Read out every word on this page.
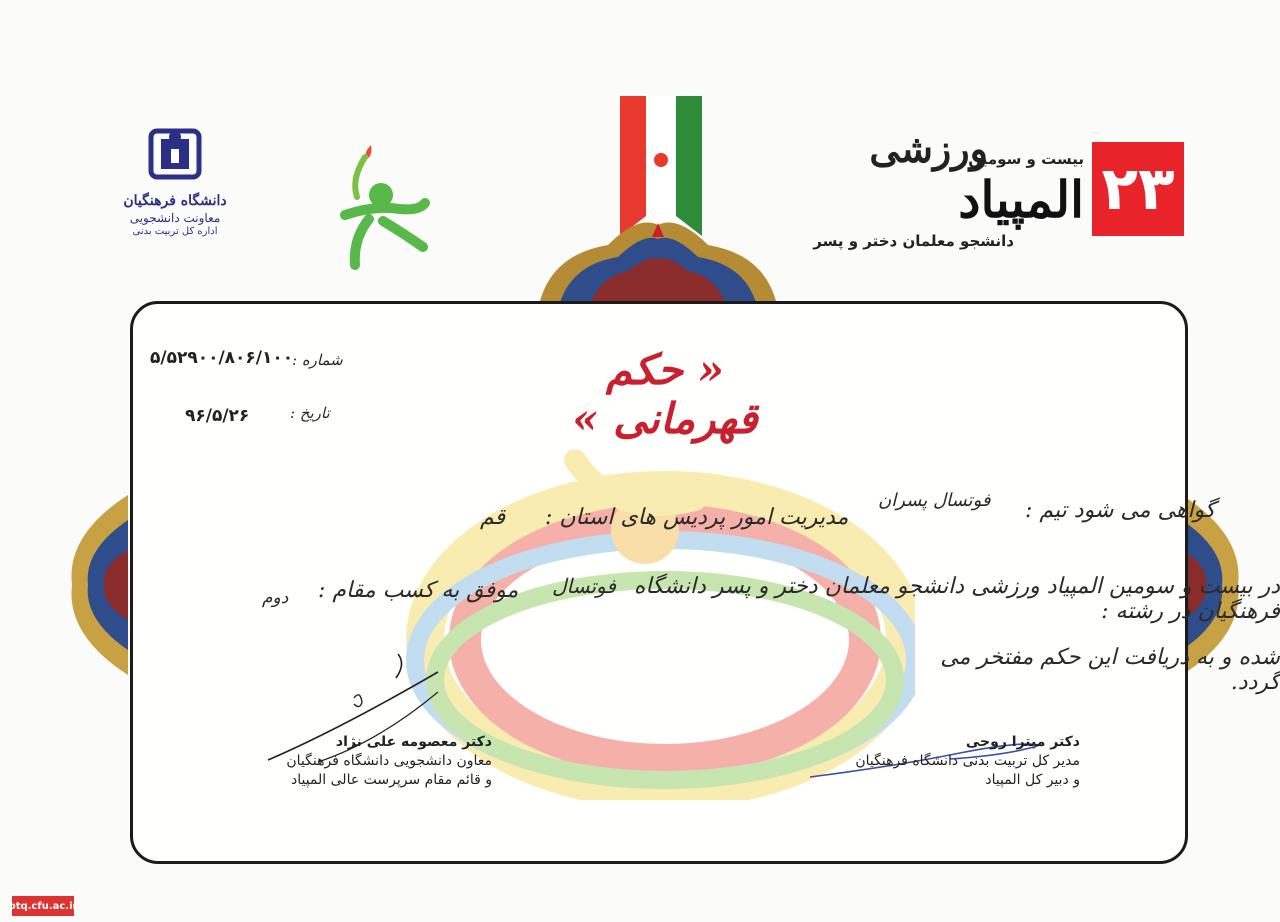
دانشگاه فرهنگیان
معاونت دانشجویی
اداره کل تربیت بدنی
۲۳
بیست و سومین
ورزشی
المپیاد
دانشجو معلمان دختر و پسر
شماره :
۵/۵۲۹۰۰/۸۰۶/۱۰۰
تاریخ :
۹۶/۵/۲۶
« حکم قهرمانی »
گواهی می شود تیم :
فوتسال پسران
مدیریت امور پردیس های استان :
قم
در بیست و سومین المپیاد ورزشی دانشجو معلمان دختر و پسر دانشگاه فرهنگیان در رشته :
فوتسال
موفق به کسب مقام :
دوم
شده و به دریافت این حکم مفتخر می گردد.
دکتر معصومه علی نژاد
معاون دانشجویی دانشگاه فرهنگیان
و قائم مقام سرپرست عالی المپیاد
دکتر میترا روحی
مدیر کل تربیت بدنی دانشگاه فرهنگیان
و دبیر کل المپیاد
ptq.cfu.ac.ir
